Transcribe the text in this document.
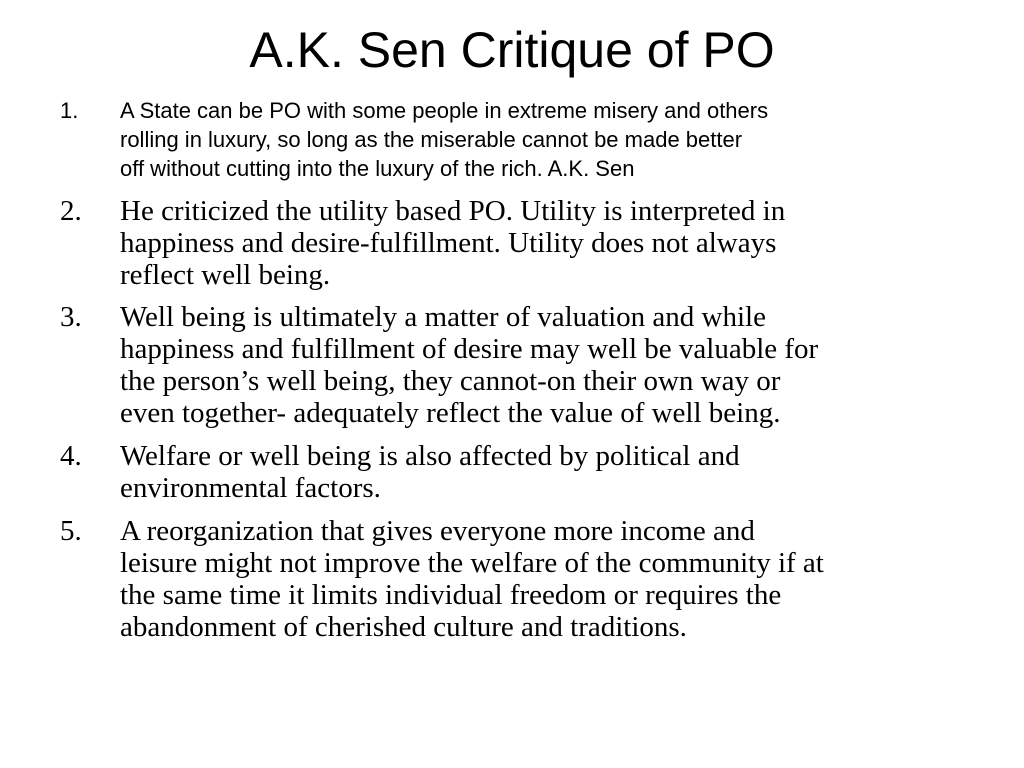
A.K. Sen Critique of PO
1. A State can be PO with some people in extreme misery and others
rolling in luxury, so long as the miserable cannot be made better
off without cutting into the luxury of the rich. A.K. Sen
2. He criticized the utility based PO. Utility is interpreted in
happiness and desire-fulfillment. Utility does not always
reflect well being.
3. Well being is ultimately a matter of valuation and while
happiness and fulfillment of desire may well be valuable for
the person’s well being, they cannot-on their own way or
even together- adequately reflect the value of well being.
4. Welfare or well being is also affected by political and
environmental factors.
5. A reorganization that gives everyone more income and
leisure might not improve the welfare of the community if at
the same time it limits individual freedom or requires the
abandonment of cherished culture and traditions.
